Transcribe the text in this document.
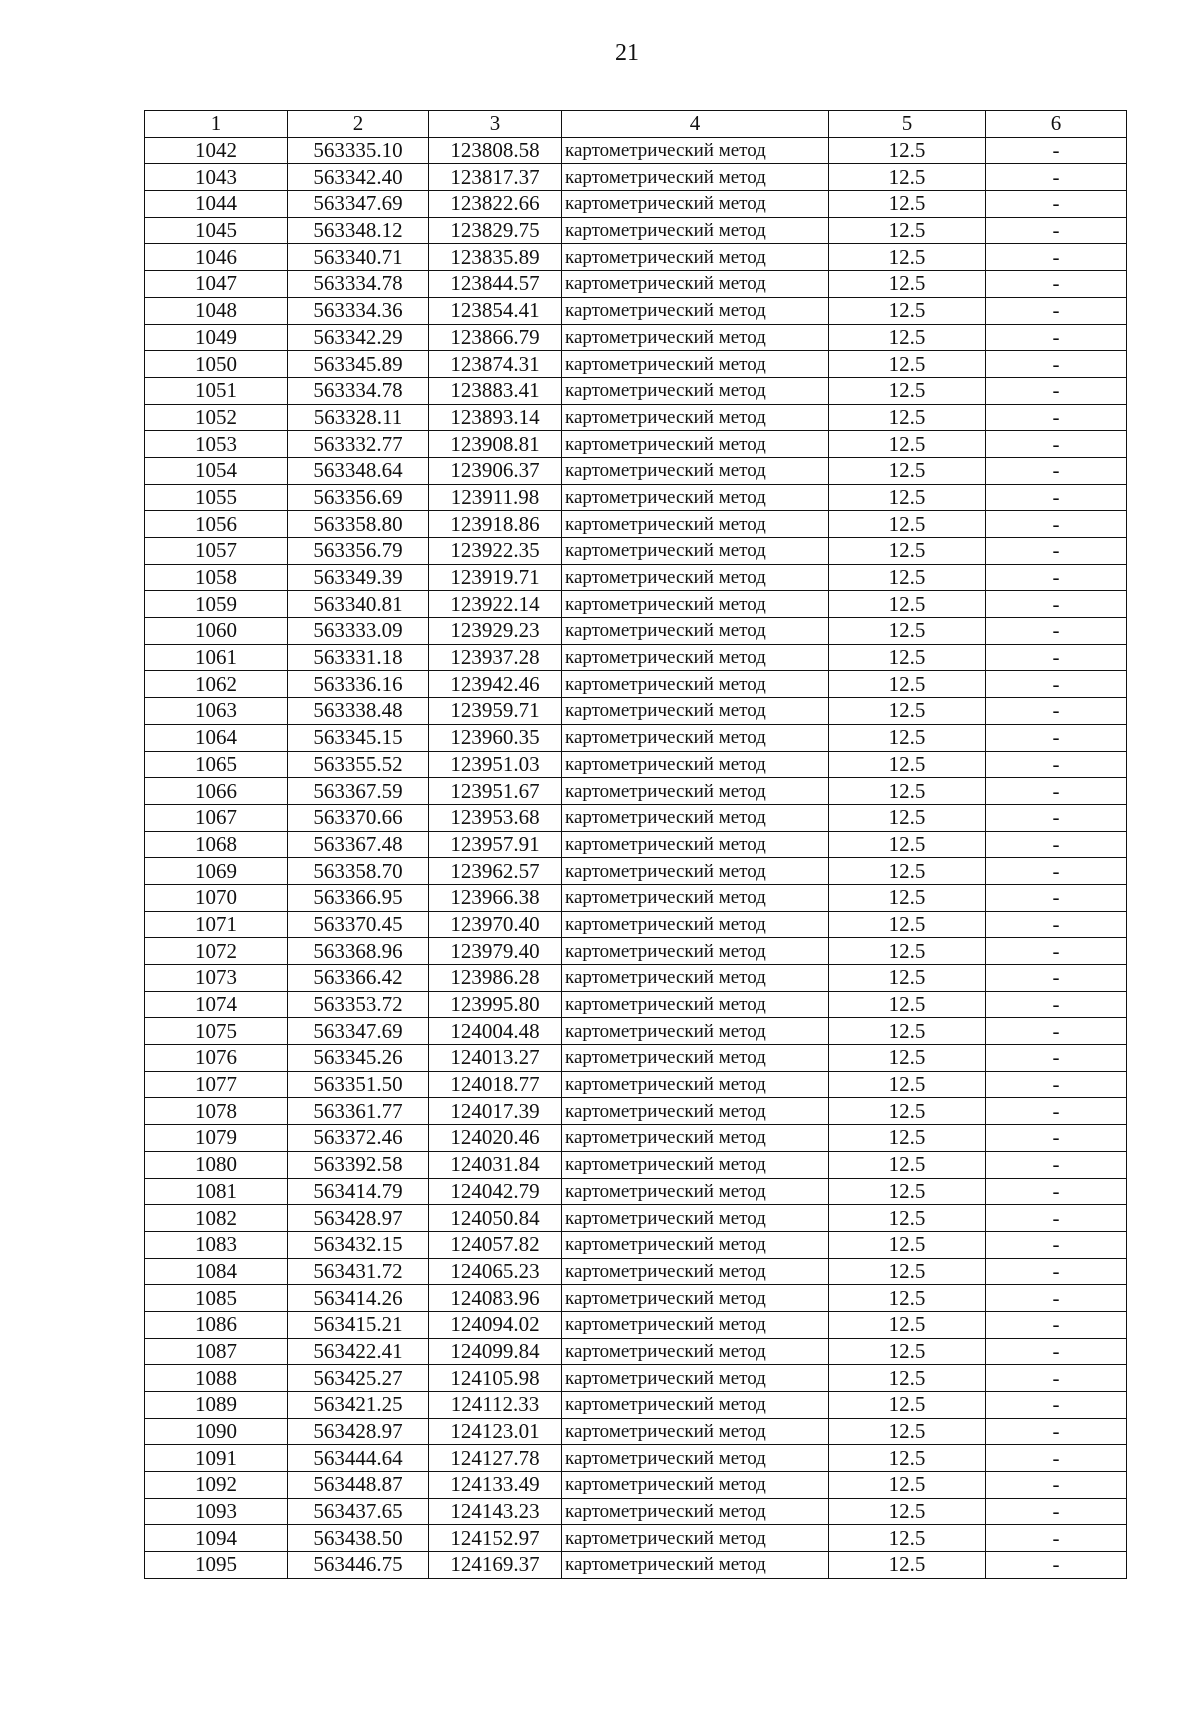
21
1	2	3	4	5	6
1042	563335.10	123808.58	картометрический метод	12.5	-
1043	563342.40	123817.37	картометрический метод	12.5	-
1044	563347.69	123822.66	картометрический метод	12.5	-
1045	563348.12	123829.75	картометрический метод	12.5	-
1046	563340.71	123835.89	картометрический метод	12.5	-
1047	563334.78	123844.57	картометрический метод	12.5	-
1048	563334.36	123854.41	картометрический метод	12.5	-
1049	563342.29	123866.79	картометрический метод	12.5	-
1050	563345.89	123874.31	картометрический метод	12.5	-
1051	563334.78	123883.41	картометрический метод	12.5	-
1052	563328.11	123893.14	картометрический метод	12.5	-
1053	563332.77	123908.81	картометрический метод	12.5	-
1054	563348.64	123906.37	картометрический метод	12.5	-
1055	563356.69	123911.98	картометрический метод	12.5	-
1056	563358.80	123918.86	картометрический метод	12.5	-
1057	563356.79	123922.35	картометрический метод	12.5	-
1058	563349.39	123919.71	картометрический метод	12.5	-
1059	563340.81	123922.14	картометрический метод	12.5	-
1060	563333.09	123929.23	картометрический метод	12.5	-
1061	563331.18	123937.28	картометрический метод	12.5	-
1062	563336.16	123942.46	картометрический метод	12.5	-
1063	563338.48	123959.71	картометрический метод	12.5	-
1064	563345.15	123960.35	картометрический метод	12.5	-
1065	563355.52	123951.03	картометрический метод	12.5	-
1066	563367.59	123951.67	картометрический метод	12.5	-
1067	563370.66	123953.68	картометрический метод	12.5	-
1068	563367.48	123957.91	картометрический метод	12.5	-
1069	563358.70	123962.57	картометрический метод	12.5	-
1070	563366.95	123966.38	картометрический метод	12.5	-
1071	563370.45	123970.40	картометрический метод	12.5	-
1072	563368.96	123979.40	картометрический метод	12.5	-
1073	563366.42	123986.28	картометрический метод	12.5	-
1074	563353.72	123995.80	картометрический метод	12.5	-
1075	563347.69	124004.48	картометрический метод	12.5	-
1076	563345.26	124013.27	картометрический метод	12.5	-
1077	563351.50	124018.77	картометрический метод	12.5	-
1078	563361.77	124017.39	картометрический метод	12.5	-
1079	563372.46	124020.46	картометрический метод	12.5	-
1080	563392.58	124031.84	картометрический метод	12.5	-
1081	563414.79	124042.79	картометрический метод	12.5	-
1082	563428.97	124050.84	картометрический метод	12.5	-
1083	563432.15	124057.82	картометрический метод	12.5	-
1084	563431.72	124065.23	картометрический метод	12.5	-
1085	563414.26	124083.96	картометрический метод	12.5	-
1086	563415.21	124094.02	картометрический метод	12.5	-
1087	563422.41	124099.84	картометрический метод	12.5	-
1088	563425.27	124105.98	картометрический метод	12.5	-
1089	563421.25	124112.33	картометрический метод	12.5	-
1090	563428.97	124123.01	картометрический метод	12.5	-
1091	563444.64	124127.78	картометрический метод	12.5	-
1092	563448.87	124133.49	картометрический метод	12.5	-
1093	563437.65	124143.23	картометрический метод	12.5	-
1094	563438.50	124152.97	картометрический метод	12.5	-
1095	563446.75	124169.37	картометрический метод	12.5	-
